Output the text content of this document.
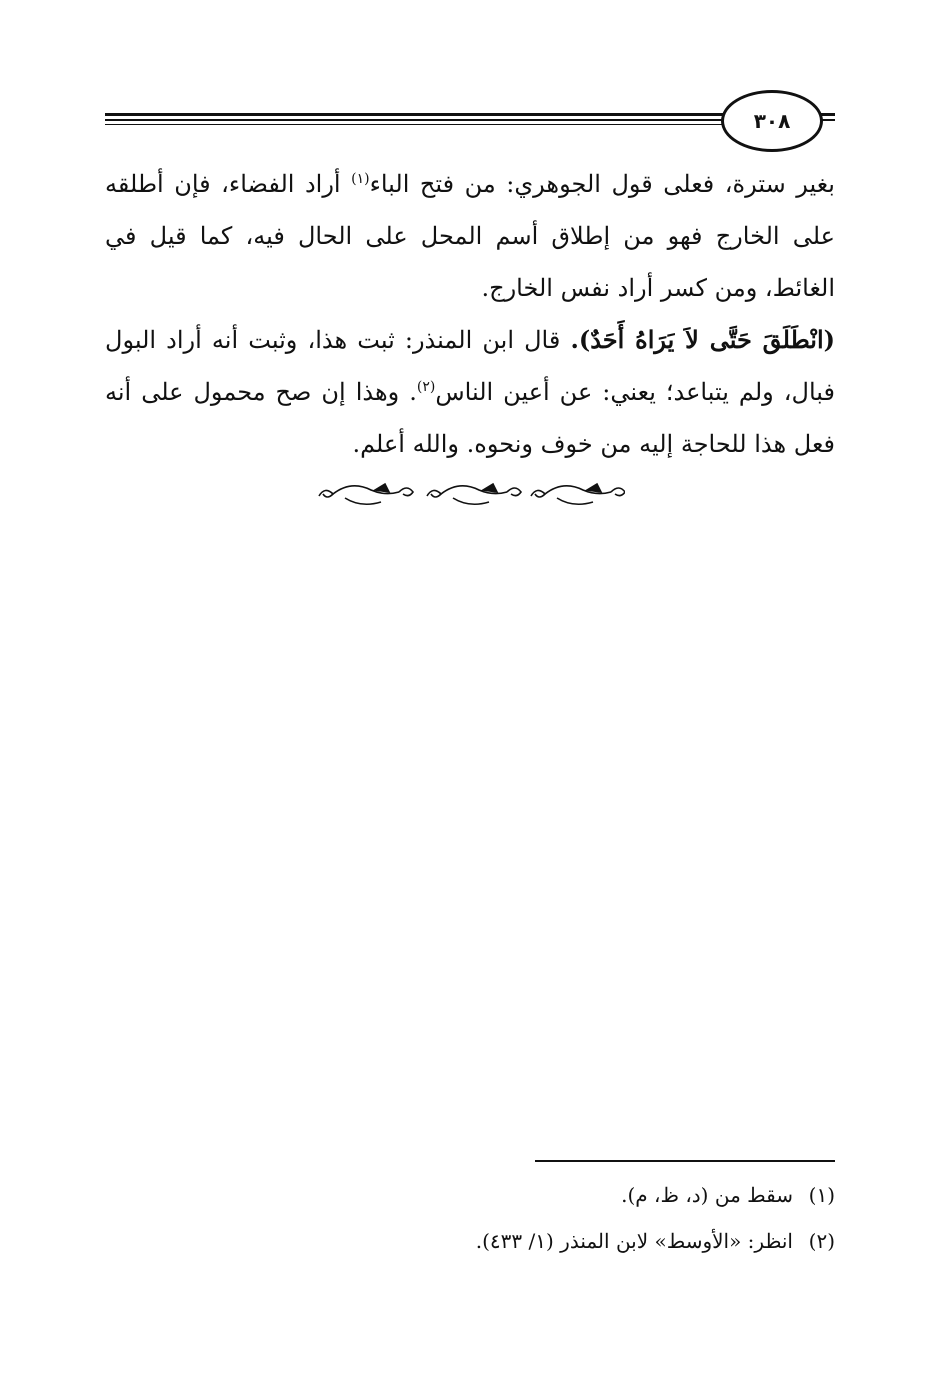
٣٠٨

بغير سترة، فعلى قول الجوهري: من فتح الباء$^{(١)}$ أراد الفضاء، فإن أطلقه على الخارج فهو من إطلاق أسم المحل على الحال فيه، كما قيل في الغائط، ومن كسر أراد نفس الخارج.

(انْطَلَقَ حَتَّى لاَ يَرَاهُ أَحَدٌ). قال ابن المنذر: ثبت هذا، وثبت أنه أراد البول فبال، ولم يتباعد؛ يعني: عن أعين الناس$^{(٢)}$. وهذا إن صح محمول على أنه فعل هذا للحاجة إليه من خوف ونحوه. والله أعلم.

(١)سقط من (د، ظ، م).
(٢)انظر: «الأوسط» لابن المنذر (١/ ٤٣٣).
